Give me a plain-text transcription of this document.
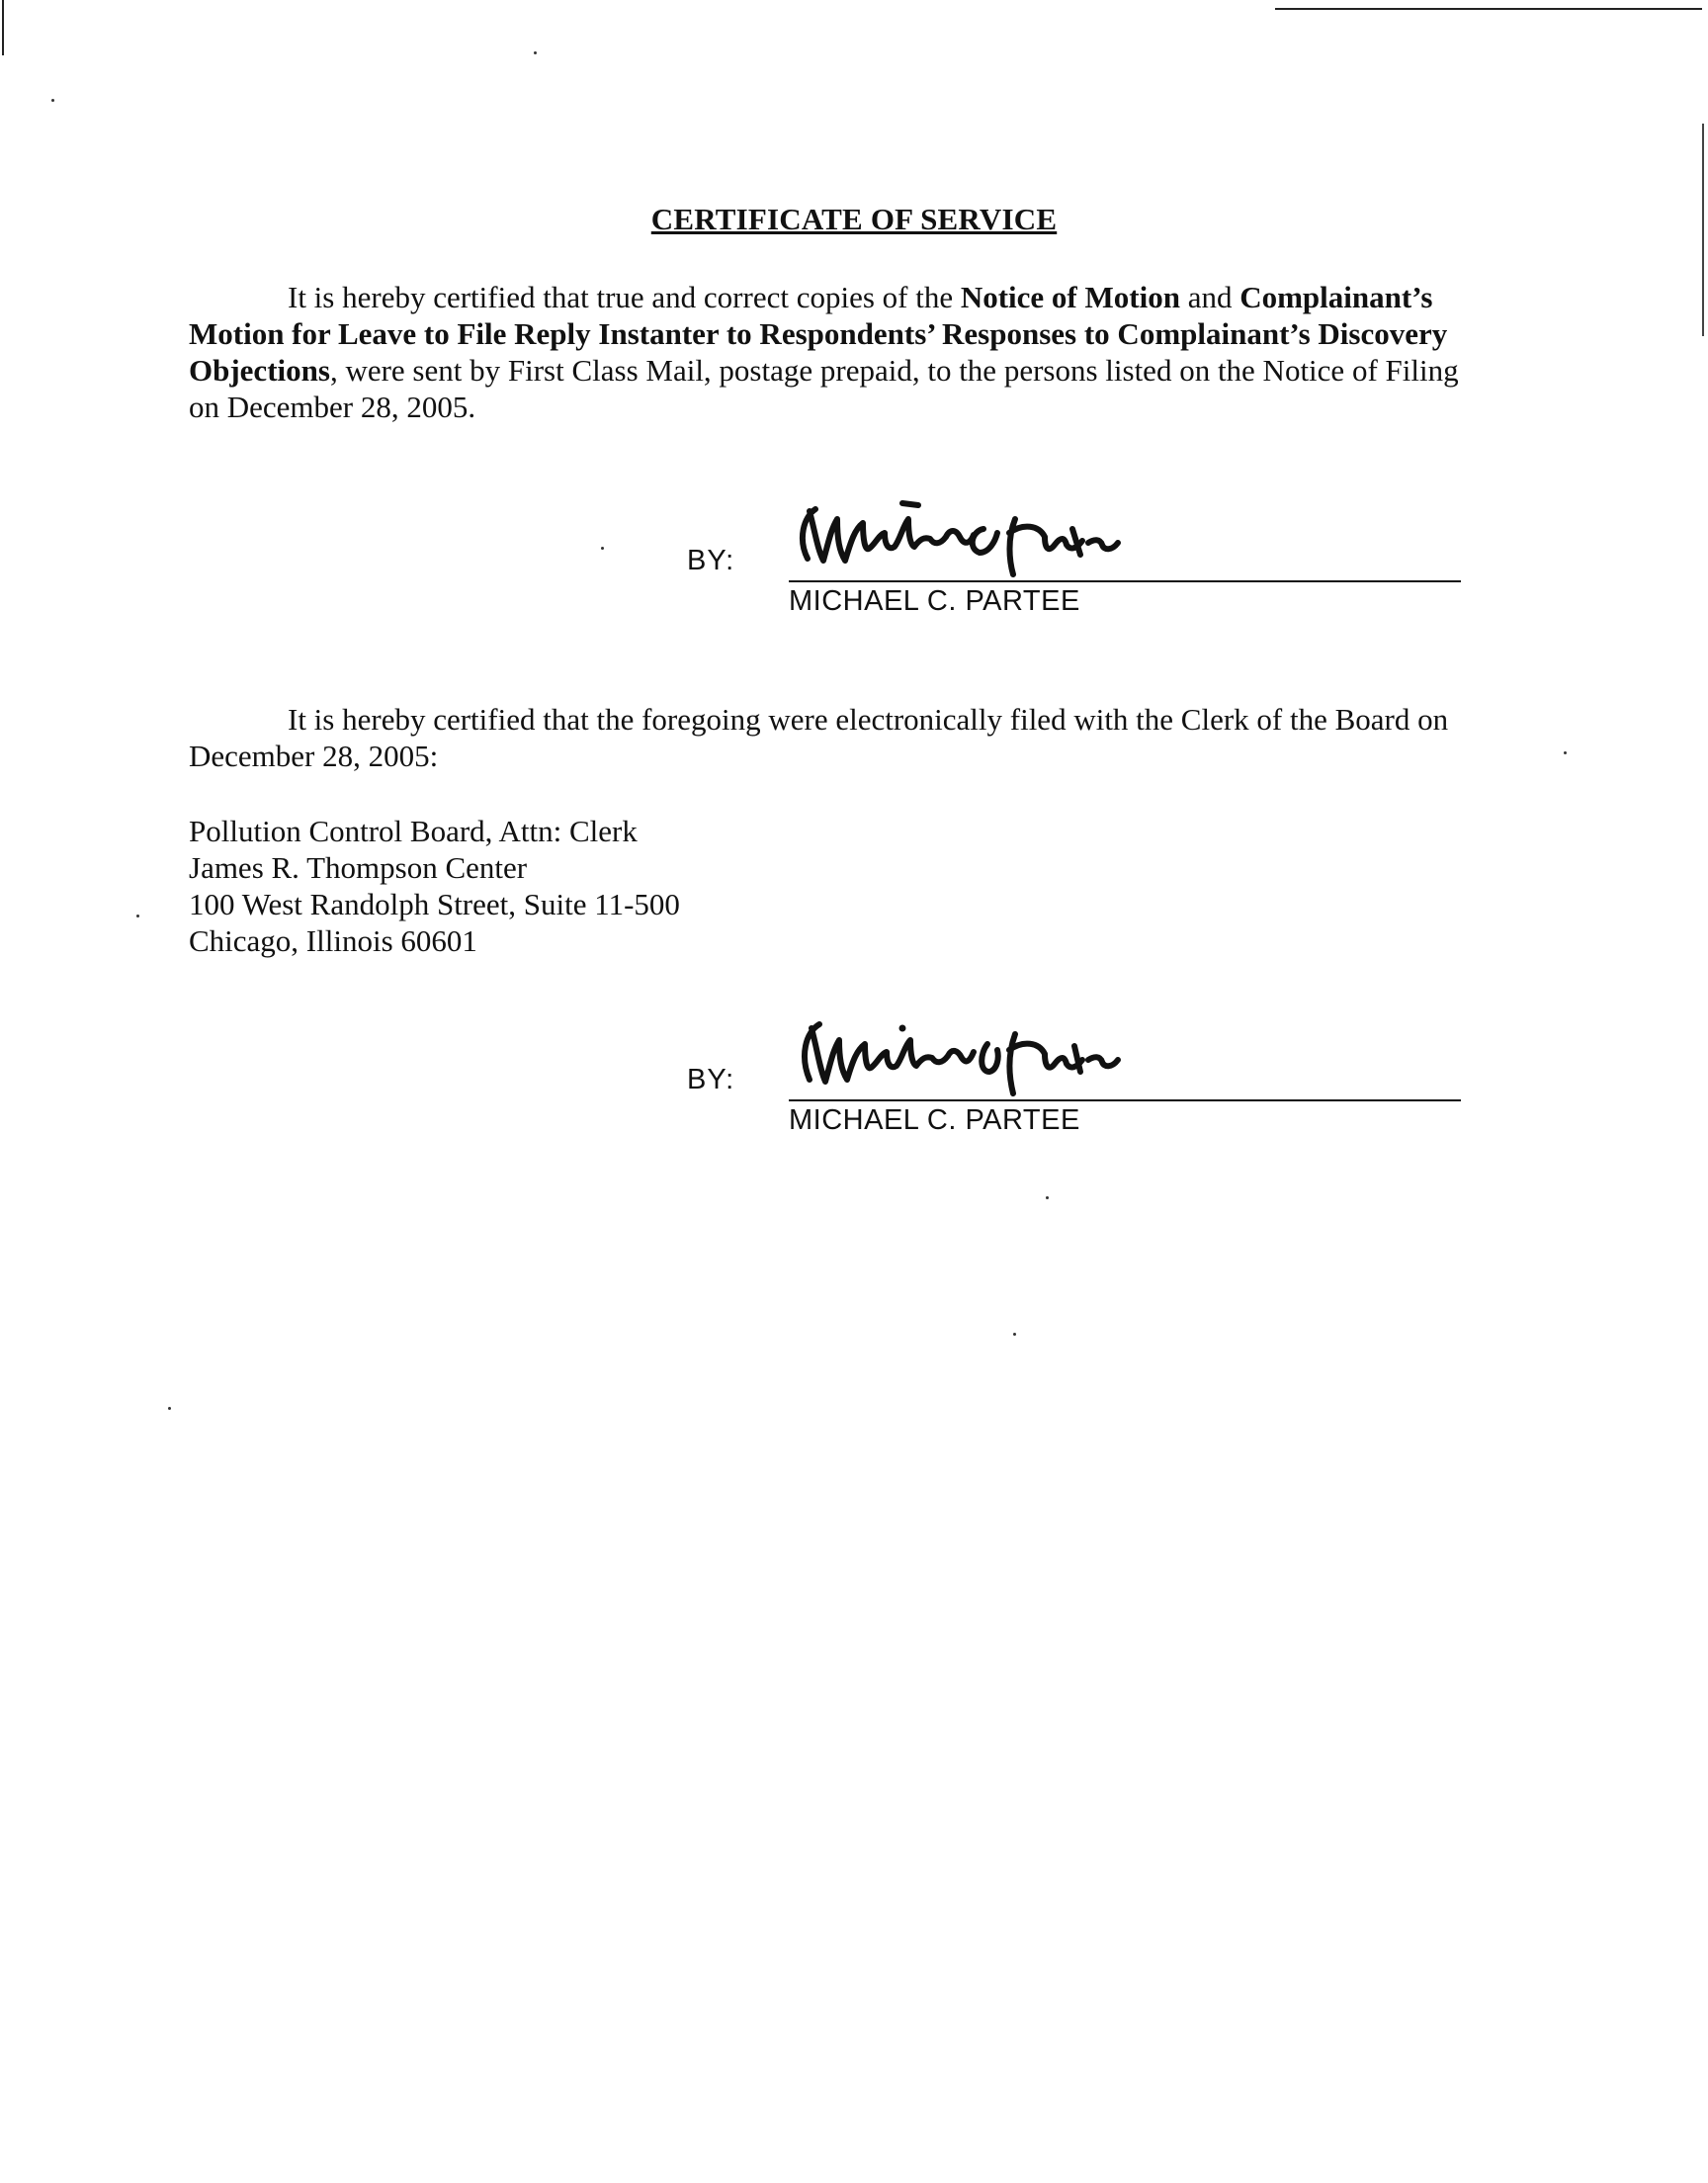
CERTIFICATE OF SERVICE
It is hereby certified that true and correct copies of the Notice of Motion and Complainant’s Motion for Leave to File Reply Instanter to Respondents’ Responses to Complainant’s Discovery Objections, were sent by First Class Mail, postage prepaid, to the persons listed on the Notice of Filing on December 28, 2005.
BY:
MICHAEL C. PARTEE
It is hereby certified that the foregoing were electronically filed with the Clerk of the Board on December 28, 2005:
Pollution Control Board, Attn: Clerk
James R. Thompson Center
100 West Randolph Street, Suite 11-500
Chicago, Illinois 60601
BY:
MICHAEL C. PARTEE
